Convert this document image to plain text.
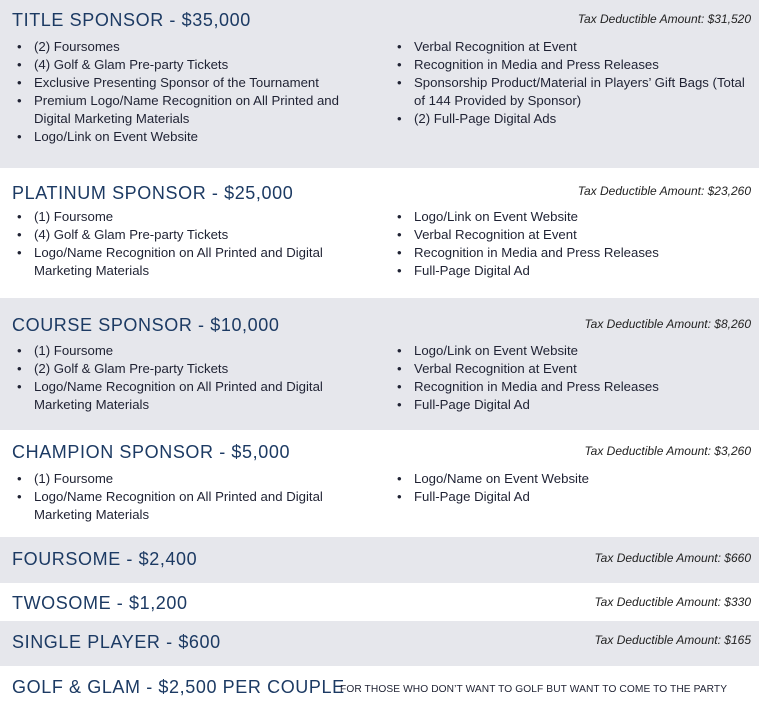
TITLE SPONSOR - $35,000	Tax Deductible Amount: $31,520
• (2) Foursomes
• (4) Golf & Glam Pre-party Tickets
• Exclusive Presenting Sponsor of the Tournament
• Premium Logo/Name Recognition on All Printed and Digital Marketing Materials
• Logo/Link on Event Website
• Verbal Recognition at Event
• Recognition in Media and Press Releases
• Sponsorship Product/Material in Players’ Gift Bags (Total of 144 Provided by Sponsor)
• (2) Full-Page Digital Ads
PLATINUM SPONSOR - $25,000	Tax Deductible Amount: $23,260
• (1) Foursome
• (4) Golf & Glam Pre-party Tickets
• Logo/Name Recognition on All Printed and Digital Marketing Materials
• Logo/Link on Event Website
• Verbal Recognition at Event
• Recognition in Media and Press Releases
• Full-Page Digital Ad
COURSE SPONSOR - $10,000	Tax Deductible Amount: $8,260
• (1) Foursome
• (2) Golf & Glam Pre-party Tickets
• Logo/Name Recognition on All Printed and Digital Marketing Materials
• Logo/Link on Event Website
• Verbal Recognition at Event
• Recognition in Media and Press Releases
• Full-Page Digital Ad
CHAMPION SPONSOR - $5,000	Tax Deductible Amount: $3,260
• (1) Foursome
• Logo/Name Recognition on All Printed and Digital Marketing Materials
• Logo/Name on Event Website
• Full-Page Digital Ad
FOURSOME - $2,400	Tax Deductible Amount: $660
TWOSOME - $1,200	Tax Deductible Amount: $330
SINGLE PLAYER - $600	Tax Deductible Amount: $165
GOLF & GLAM - $2,500 PER COUPLE
FOR THOSE WHO DON’T WANT TO GOLF BUT WANT TO COME TO THE PARTY
